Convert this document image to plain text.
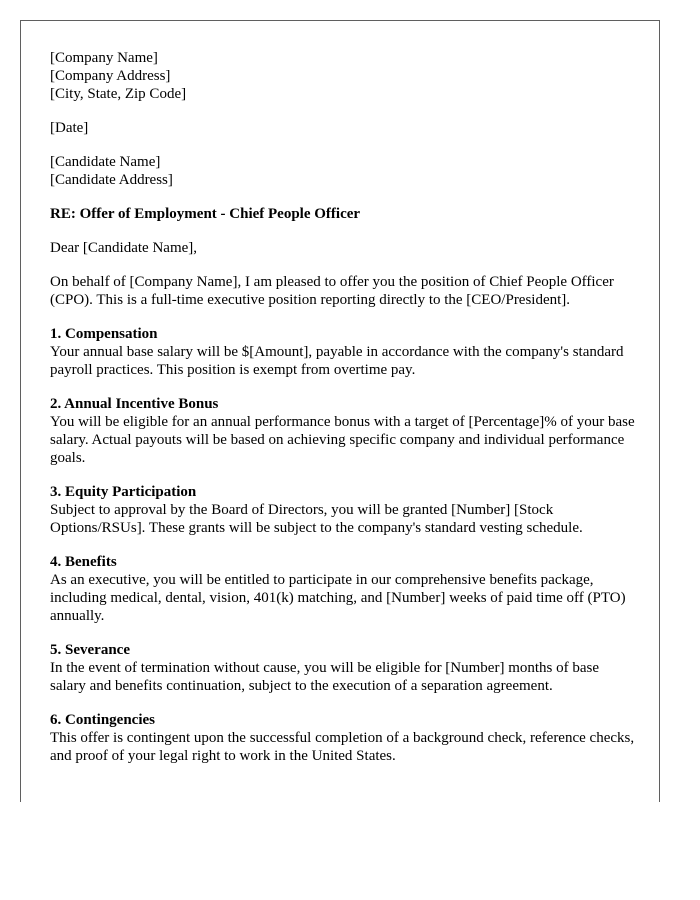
[Company Name]
[Company Address]
[City, State, Zip Code]
[Date]
[Candidate Name]
[Candidate Address]
RE: Offer of Employment - Chief People Officer
Dear [Candidate Name],
On behalf of [Company Name], I am pleased to offer you the position of Chief People Officer (CPO). This is a full-time executive position reporting directly to the [CEO/President].
1. Compensation
Your annual base salary will be $[Amount], payable in accordance with the company's standard payroll practices. This position is exempt from overtime pay.
2. Annual Incentive Bonus
You will be eligible for an annual performance bonus with a target of [Percentage]% of your base salary. Actual payouts will be based on achieving specific company and individual performance goals.
3. Equity Participation
Subject to approval by the Board of Directors, you will be granted [Number] [Stock Options/RSUs]. These grants will be subject to the company's standard vesting schedule.
4. Benefits
As an executive, you will be entitled to participate in our comprehensive benefits package, including medical, dental, vision, 401(k) matching, and [Number] weeks of paid time off (PTO) annually.
5. Severance
In the event of termination without cause, you will be eligible for [Number] months of base salary and benefits continuation, subject to the execution of a separation agreement.
6. Contingencies
This offer is contingent upon the successful completion of a background check, reference checks, and proof of your legal right to work in the United States.
